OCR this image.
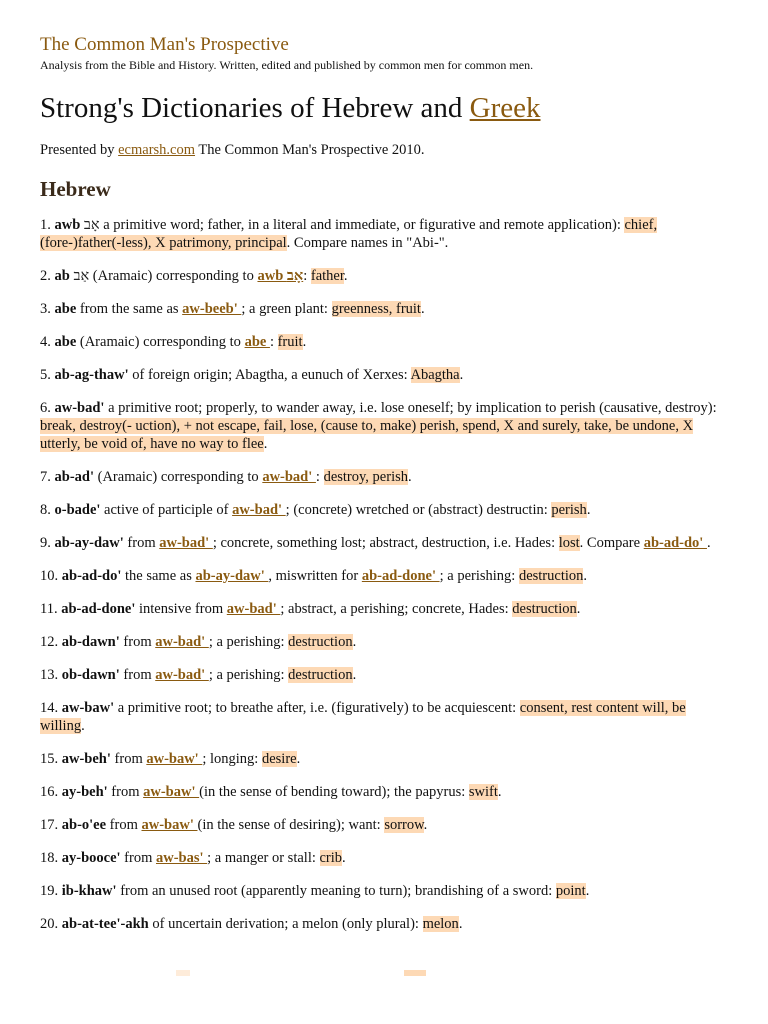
The Common Man's Prospective

Analysis from the Bible and History. Written, edited and published by common men for common men.

Strong's Dictionaries of Hebrew and Greek

Presented by ecmarsh.com The Common Man's Prospective 2010.

Hebrew

1. awb אָב a primitive word; father, in a literal and immediate, or figurative and remote application): chief, (fore-)father(-less), X patrimony, principal. Compare names in "Abi-".

2. ab אַב (Aramaic) corresponding to awb אָב: father.

3. abe from the same as aw-beeb' ; a green plant: greenness, fruit.

4. abe (Aramaic) corresponding to abe : fruit.

5. ab-ag-thaw' of foreign origin; Abagtha, a eunuch of Xerxes: Abagtha.

6. aw-bad' a primitive root; properly, to wander away, i.e. lose oneself; by implication to perish (causative, destroy): break, destroy(- uction), + not escape, fail, lose, (cause to, make) perish, spend, X and surely, take, be undone, X utterly, be void of, have no way to flee.

7. ab-ad' (Aramaic) corresponding to aw-bad' : destroy, perish.

8. o-bade' active of participle of aw-bad' ; (concrete) wretched or (abstract) destructin: perish.

9. ab-ay-daw' from aw-bad' ; concrete, something lost; abstract, destruction, i.e. Hades: lost. Compare ab-ad-do' .

10. ab-ad-do' the same as ab-ay-daw' , miswritten for ab-ad-done' ; a perishing: destruction.

11. ab-ad-done' intensive from aw-bad' ; abstract, a perishing; concrete, Hades: destruction.

12. ab-dawn' from aw-bad' ; a perishing: destruction.

13. ob-dawn' from aw-bad' ; a perishing: destruction.

14. aw-baw' a primitive root; to breathe after, i.e. (figuratively) to be acquiescent: consent, rest content will, be willing.

15. aw-beh' from aw-baw' ; longing: desire.

16. ay-beh' from aw-baw' (in the sense of bending toward); the papyrus: swift.

17. ab-o'ee from aw-baw' (in the sense of desiring); want: sorrow.

18. ay-booce' from aw-bas' ; a manger or stall: crib.

19. ib-khaw' from an unused root (apparently meaning to turn); brandishing of a sword: point.

20. ab-at-tee'-akh of uncertain derivation; a melon (only plural): melon.
